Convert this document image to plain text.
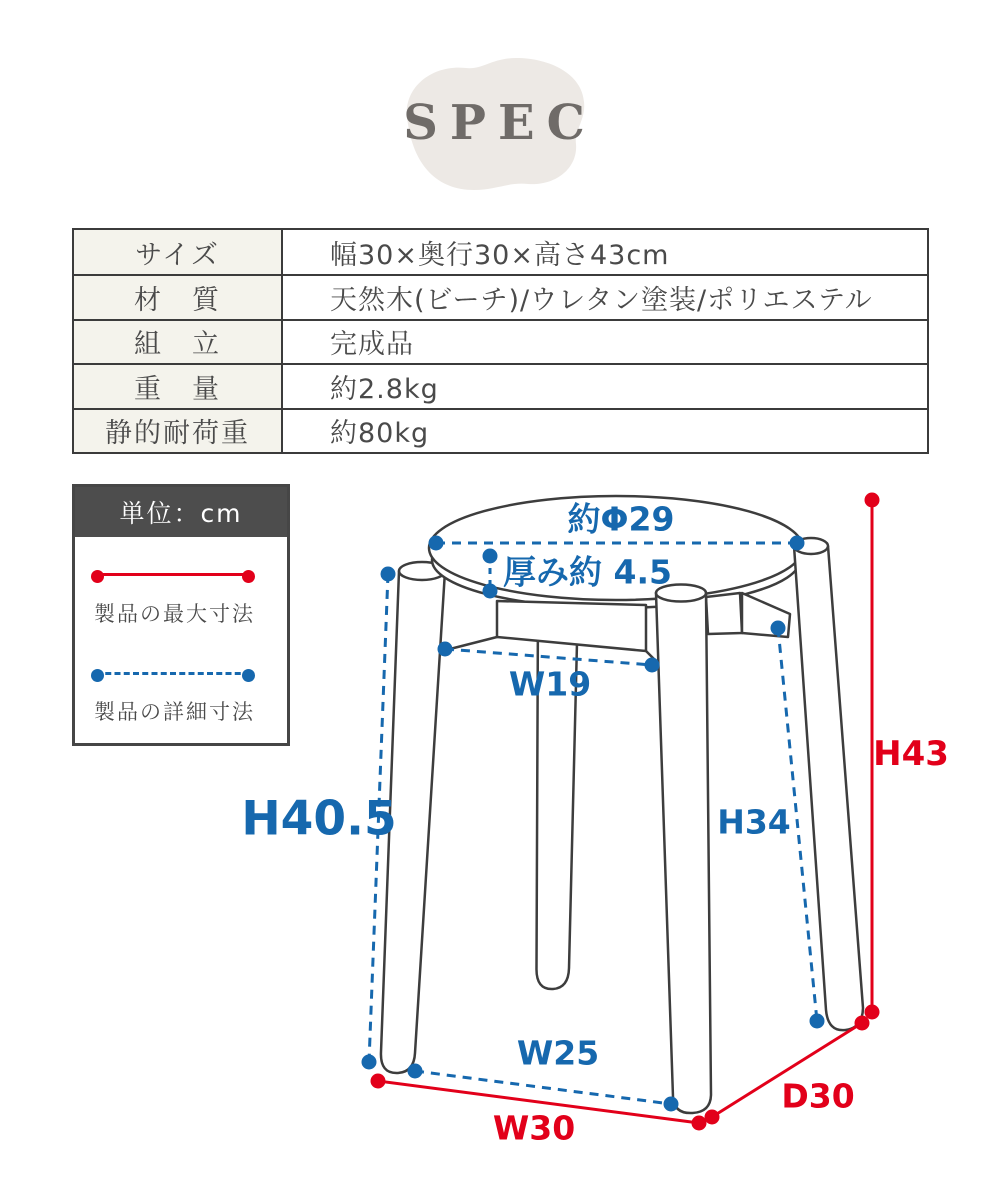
SPEC
サイズ	幅30×奥行30×高さ43cm
材　質	天然木(ビーチ)/ウレタン塗装/ポリエステル
組　立	完成品
重　量	約2.8kg
静的耐荷重	約80kg
単位：cm
製品の最大寸法
製品の詳細寸法
約Φ29
厚み約 4.5
W19
H40.5	H34
H43
W25
W30
D30
